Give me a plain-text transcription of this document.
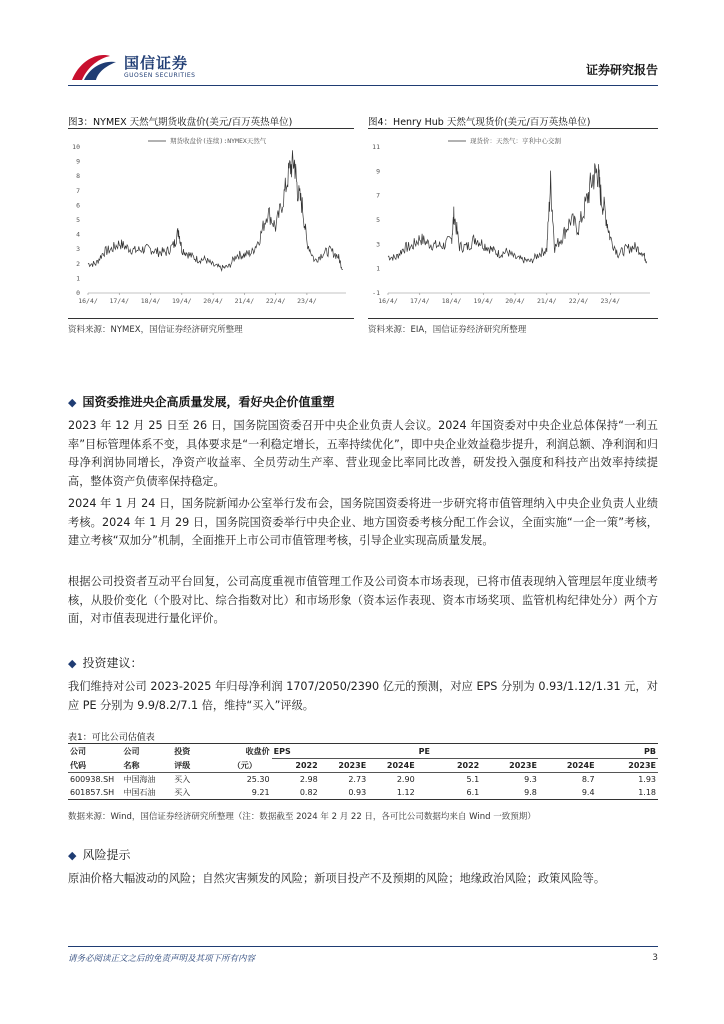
国信证券
GUOSEN SECURITIES	证券研究报告
图3：NYMEX 天然气期货收盘价(美元/百万英热单位)
0
1
2
3
4
5
6
7
8
9
10
16/4/ 17/4/ 18/4/ 19/4/ 20/4/ 21/4/ 22/4/ 23/4/
期货收盘价(连续):NYMEX天然气
资料来源：NYMEX，国信证券经济研究所整理
图4：Henry Hub 天然气现货价(美元/百万英热单位)
-1
1
3
5
7
9
11
16/4/ 17/4/ 18/4/ 19/4/ 20/4/ 21/4/ 22/4/ 23/4/
现货价：天然气：亨利中心交割
资料来源：EIA，国信证券经济研究所整理
◆ 国资委推进央企高质量发展，看好央企价值重塑
2023 年 12 月 25 日至 26 日，国务院国资委召开中央企业负责人会议。2024 年国资委对中央企业总体保持“一利五率”目标管理体系不变，具体要求是“一利稳定增长，五率持续优化”，即中央企业效益稳步提升，利润总额、净利润和归母净利润协同增长，净资产收益率、全员劳动生产率、营业现金比率同比改善，研发投入强度和科技产出效率持续提高，整体资产负债率保持稳定。
2024 年 1 月 24 日，国务院新闻办公室举行发布会，国务院国资委将进一步研究将市值管理纳入中央企业负责人业绩考核。2024 年 1 月 29 日，国务院国资委举行中央企业、地方国资委考核分配工作会议，全面实施“一企一策”考核，建立考核“双加分”机制，全面推开上市公司市值管理考核，引导企业实现高质量发展。
根据公司投资者互动平台回复，公司高度重视市值管理工作及公司资本市场表现，已将市值表现纳入管理层年度业绩考核，从股价变化（个股对比、综合指数对比）和市场形象（资本运作表现、资本市场奖项、监管机构纪律处分）两个方面，对市值表现进行量化评价。
◆ 投资建议：
我们维持对公司 2023-2025 年归母净利润 1707/2050/2390 亿元的预测，对应 EPS 分别为 0.93/1.12/1.31 元，对应 PE 分别为 9.9/8.2/7.1 倍，维持“买入”评级。
表1：可比公司估值表
公司	公司	投资	收盘价	EPS			PE			PB
代码	名称	评级	（元）	2022	2023E	2024E	2022	2023E	2024E	2023E
600938.SH	中国海油	买入	25.30	2.98	2.73	2.90	5.1	9.3	8.7	1.93
601857.SH	中国石油	买入	9.21	0.82	0.93	1.12	6.1	9.8	9.4	1.18
数据来源：Wind，国信证券经济研究所整理（注：数据截至 2024 年 2 月 22 日，各可比公司数据均来自 Wind 一致预期）
◆ 风险提示
原油价格大幅波动的风险；自然灾害频发的风险；新项目投产不及预期的风险；地缘政治风险；政策风险等。
请务必阅读正文之后的免责声明及其项下所有内容	3
